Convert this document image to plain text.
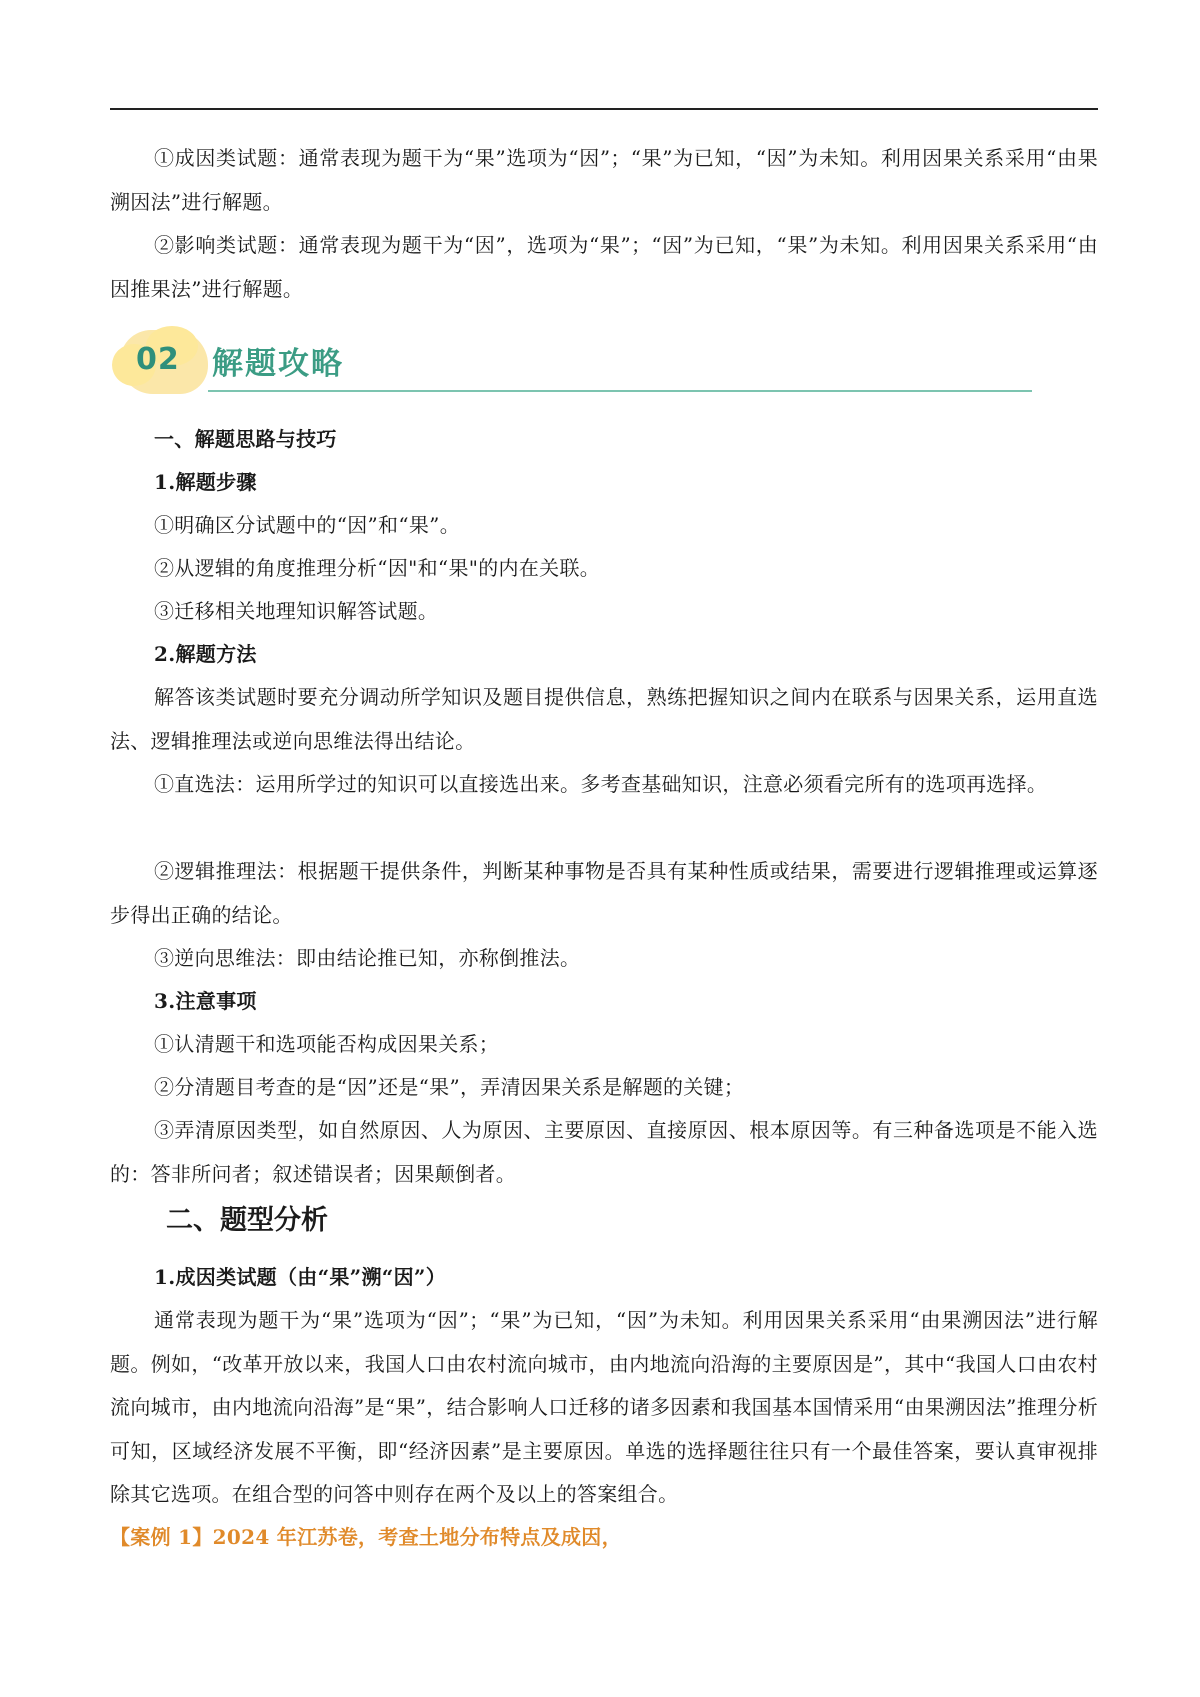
①成因类试题：通常表现为题干为“果”选项为“因”；“果”为已知，“因”为未知。利用因果关系采用“由果溯因法”进行解题。

②影响类试题：通常表现为题干为“因”，选项为“果”；“因”为已知，“果”为未知。利用因果关系采用“由因推果法”进行解题。

02	解题攻略

一、解题思路与技巧

1.解题步骤

①明确区分试题中的“因”和“果”。

②从逻辑的角度推理分析“因"和“果"的内在关联。

③迁移相关地理知识解答试题。

2.解题方法

解答该类试题时要充分调动所学知识及题目提供信息，熟练把握知识之间内在联系与因果关系，运用直选法、逻辑推理法或逆向思维法得出结论。

①直选法：运用所学过的知识可以直接选出来。多考查基础知识，注意必须看完所有的选项再选择。

②逻辑推理法：根据题干提供条件，判断某种事物是否具有某种性质或结果，需要进行逻辑推理或运算逐步得出正确的结论。

③逆向思维法：即由结论推已知，亦称倒推法。

3.注意事项

①认清题干和选项能否构成因果关系；

②分清题目考查的是“因”还是“果”，弄清因果关系是解题的关键；

③弄清原因类型，如自然原因、人为原因、主要原因、直接原因、根本原因等。有三种备选项是不能入选的：答非所问者；叙述错误者；因果颠倒者。

二、题型分析

1.成因类试题（由“果”溯“因”）

通常表现为题干为“果”选项为“因”；“果”为已知，“因”为未知。利用因果关系采用“由果溯因法”进行解题。例如，“改革开放以来，我国人口由农村流向城市，由内地流向沿海的主要原因是”，其中“我国人口由农村流向城市，由内地流向沿海”是“果”，结合影响人口迁移的诸多因素和我国基本国情采用“由果溯因法”推理分析可知，区域经济发展不平衡，即“经济因素”是主要原因。单选的选择题往往只有一个最佳答案，要认真审视排除其它选项。在组合型的问答中则存在两个及以上的答案组合。

【案例 1】2024 年江苏卷，考查土地分布特点及成因，
